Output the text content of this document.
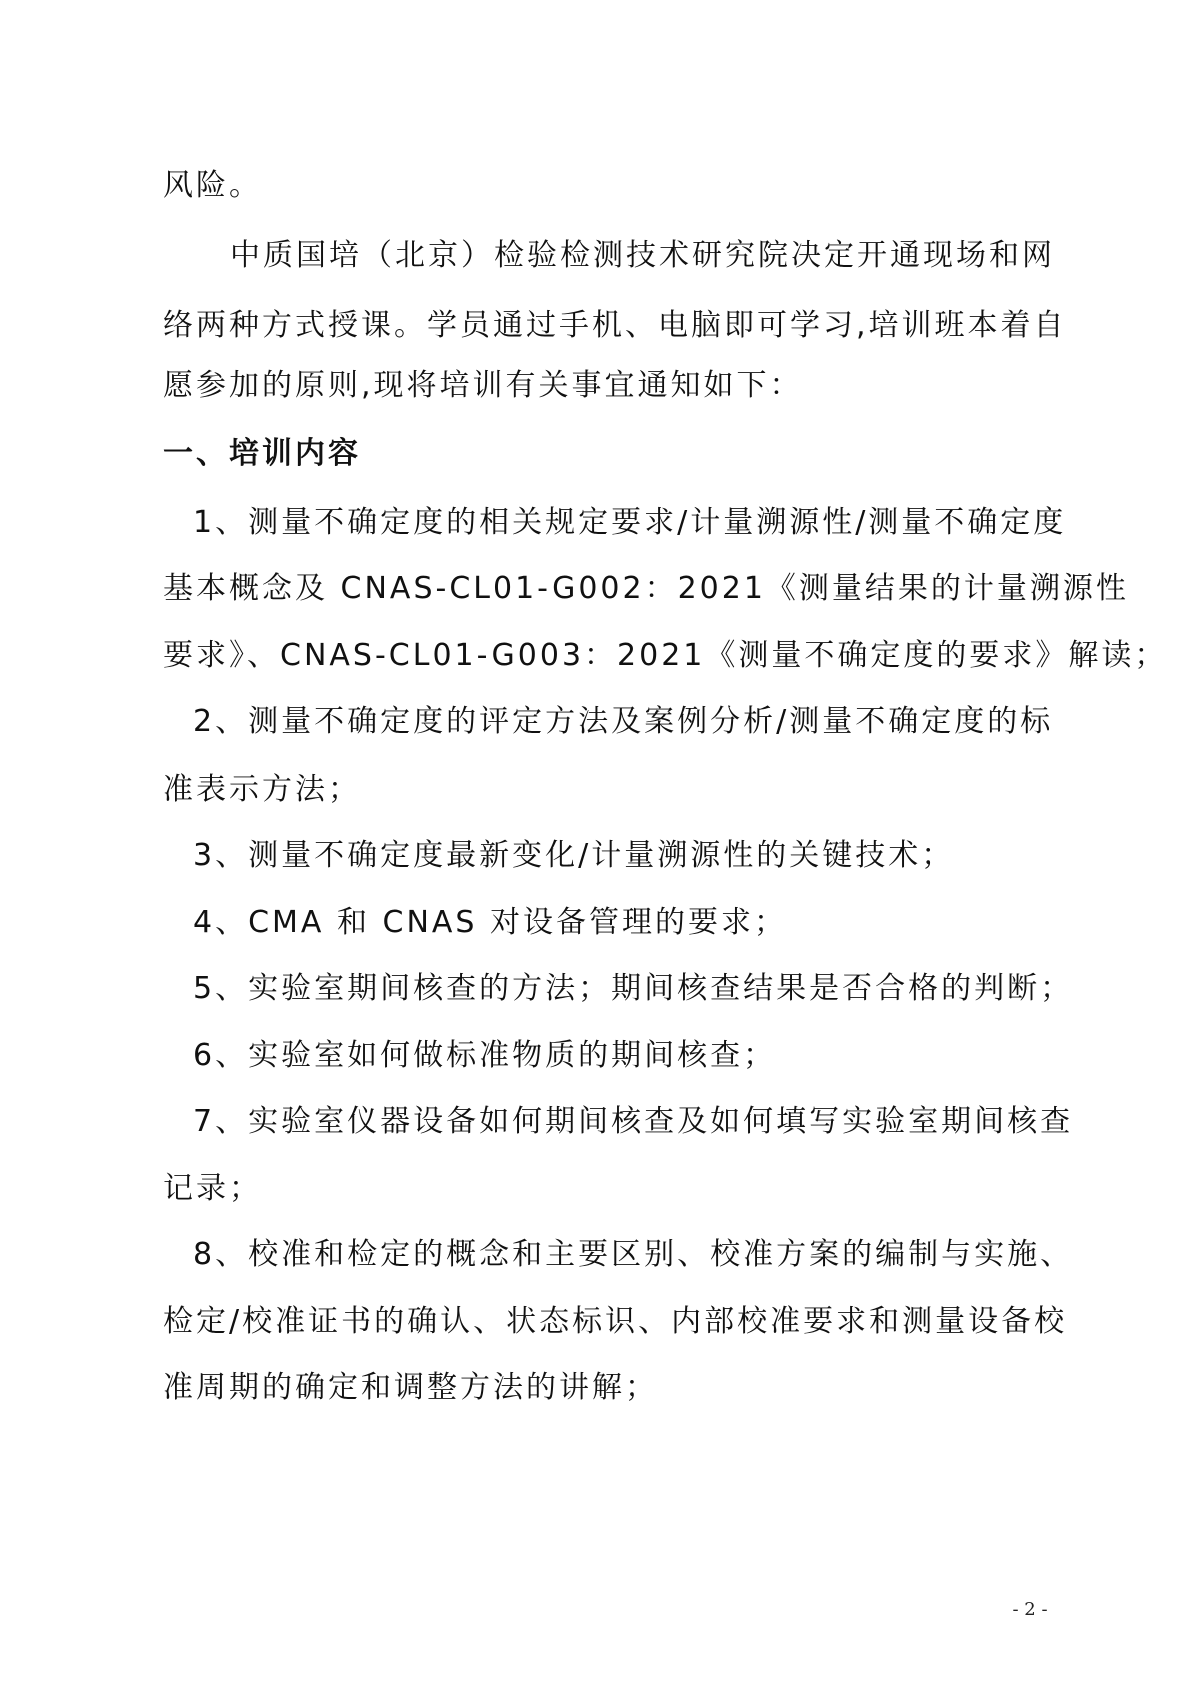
风险。
中质国培（北京）检验检测技术研究院决定开通现场和网
络两种方式授课。学员通过手机、电脑即可学习,培训班本着自
愿参加的原则,现将培训有关事宜通知如下：
一、培训内容
1、测量不确定度的相关规定要求/计量溯源性/测量不确定度
基本概念及 CNAS-CL01-G002：2021《测量结果的计量溯源性
要求》、CNAS-CL01-G003：2021《测量不确定度的要求》解读；
2、测量不确定度的评定方法及案例分析/测量不确定度的标
准表示方法；
3、测量不确定度最新变化/计量溯源性的关键技术；
4、CMA 和 CNAS 对设备管理的要求；
5、实验室期间核查的方法；期间核查结果是否合格的判断；
6、实验室如何做标准物质的期间核查；
7、实验室仪器设备如何期间核查及如何填写实验室期间核查
记录；
8、校准和检定的概念和主要区别、校准方案的编制与实施、
检定/校准证书的确认、状态标识、内部校准要求和测量设备校
准周期的确定和调整方法的讲解；
- 2 -
